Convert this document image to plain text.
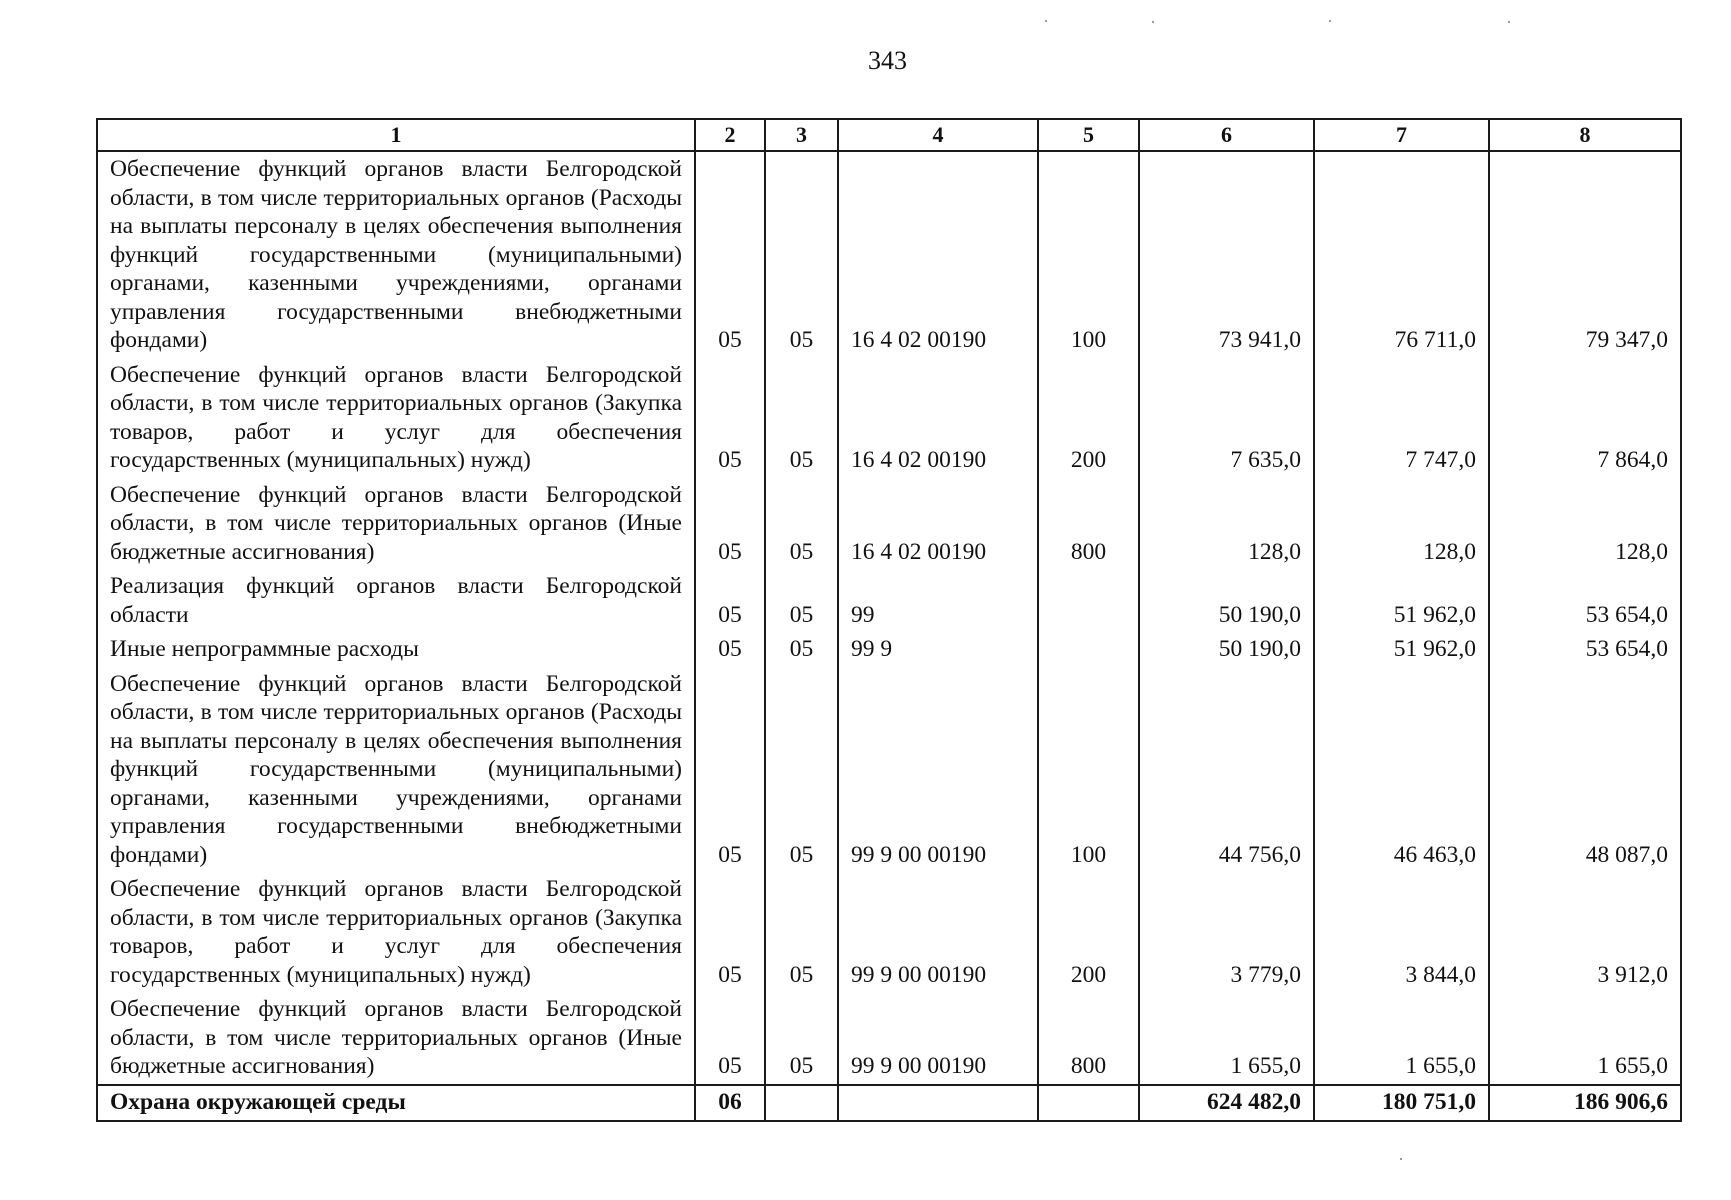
343
1	2	3	4	5	6	7	8
Обеспечение функций органов власти Белгородской области, в том числе территориальных органов (Расходы на выплаты персоналу в целях обеспечения выполнения функций государственными (муниципальными) органами, казенными учреждениями, органами управления государственными внебюджетными фондами)	05	05	16 4 02 00190	100	73 941,0	76 711,0	79 347,0
Обеспечение функций органов власти Белгородской области, в том числе территориальных органов (Закупка товаров, работ и услуг для обеспечения государственных (муниципальных) нужд)	05	05	16 4 02 00190	200	7 635,0	7 747,0	7 864,0
Обеспечение функций органов власти Белгородской области, в том числе территориальных органов (Иные бюджетные ассигнования)	05	05	16 4 02 00190	800	128,0	128,0	128,0
Реализация функций органов власти Белгородской области	05	05	99		50 190,0	51 962,0	53 654,0
Иные непрограммные расходы	05	05	99 9		50 190,0	51 962,0	53 654,0
Обеспечение функций органов власти Белгородской области, в том числе территориальных органов (Расходы на выплаты персоналу в целях обеспечения выполнения функций государственными (муниципальными) органами, казенными учреждениями, органами управления государственными внебюджетными фондами)	05	05	99 9 00 00190	100	44 756,0	46 463,0	48 087,0
Обеспечение функций органов власти Белгородской области, в том числе территориальных органов (Закупка товаров, работ и услуг для обеспечения государственных (муниципальных) нужд)	05	05	99 9 00 00190	200	3 779,0	3 844,0	3 912,0
Обеспечение функций органов власти Белгородской области, в том числе территориальных органов (Иные бюджетные ассигнования)	05	05	99 9 00 00190	800	1 655,0	1 655,0	1 655,0
Охрана окружающей среды	06				624 482,0	180 751,0	186 906,6
